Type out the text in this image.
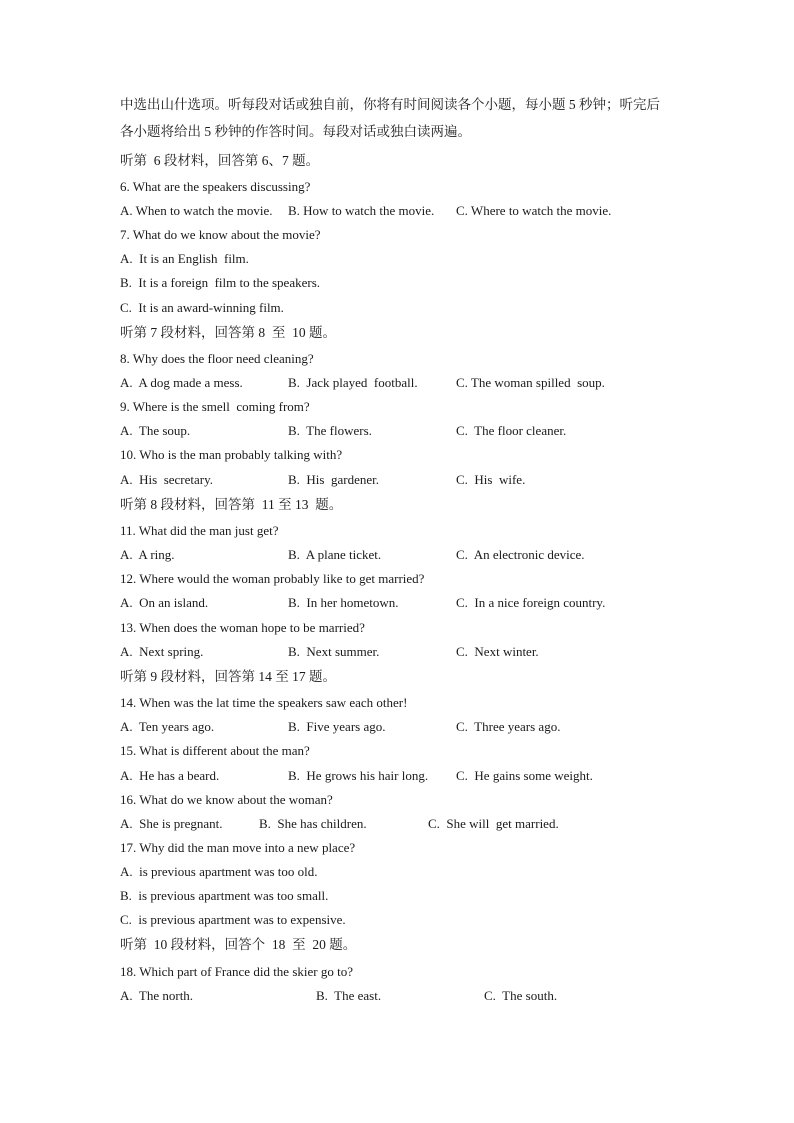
中选出山什选项。听每段对话或独自前，你将有时间阅读各个小题，每小题 5 秒钟；听完后
各小题将给出 5 秒钟的作答时间。每段对话或独白读两遍。
听第  6 段材料，回答第 6、7 题。
6. What are the speakers discussing?
A. When to watch the movie. B. How to watch the movie. C. Where to watch the movie.
7. What do we know about the movie?
A.  It is an English  film.
B.  It is a foreign  film to the speakers.
C.  It is an award-winning film.
听第 7 段材料，回答第 8  至  10 题。
8. Why does the floor need cleaning?
A.  A dog made a mess.	B.  Jack played  football.	C. The woman spilled  soup.
9. Where is the smell  coming from?
A.  The soup.	B.  The flowers.	C.  The floor cleaner.
10. Who is the man probably talking with?
A.  His  secretary.	B.  His  gardener.	C.  His  wife.
听第 8 段材料，回答第  11 至 13  题。
11. What did the man just get?
A.  A ring.	B.  A plane ticket.	C.  An electronic device.
12. Where would the woman probably like to get married?
A.  On an island.	B.  In her hometown.	C.  In a nice foreign country.
13. When does the woman hope to be married?
A.  Next spring.	B.  Next summer.	C.  Next winter.
听第 9 段材料，回答第 14 至 17 题。
14. When was the lat time the speakers saw each other!
A.  Ten years ago.	B.  Five years ago.	C.  Three years ago.
15. What is different about the man?
A.  He has a beard.	B.  He grows his hair long. C.  He gains some weight.
16. What do we know about the woman?
A.  She is pregnant.	B.  She has children.	C.  She will  get married.
17. Why did the man move into a new place?
A.  is previous apartment was too old.
B.  is previous apartment was too small.
C.  is previous apartment was to expensive.
听第  10 段材料，回答个  18  至  20 题。
18. Which part of France did the skier go to?
A.  The north.	B.  The east.	C.  The south.
